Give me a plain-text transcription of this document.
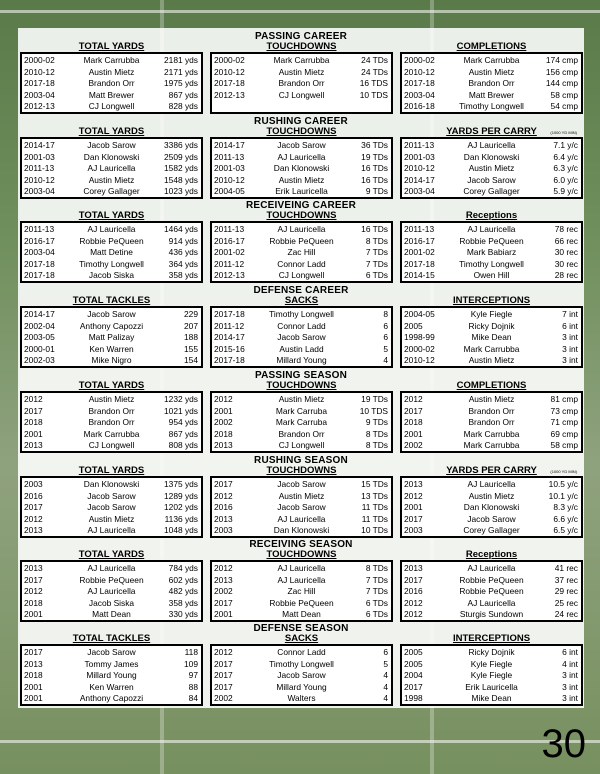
PASSING CAREER
TOTAL YARDS
2000-02	Mark Carrubba	2181 yds
2010-12	Austin Mietz	2171 yds
2017-18	Brandon Orr	1975 yds
2003-04	Matt Brewer	867 yds
2012-13	CJ Longwell	828 yds
TOUCHDOWNS
2000-02	Mark Carrubba	24 TDs
2010-12	Austin Mietz	24 TDs
2017-18	Brandon Orr	16 TDS
2012-13	CJ Longwell	10 TDS
COMPLETIONS
2000-02	Mark Carrubba	174 cmp
2010-12	Austin Mietz	156 cmp
2017-18	Brandon Orr	144 cmp
2003-04	Matt Brewer	58 cmp
2016-18	Timothy Longwell	54 cmp
RUSHING CAREER
TOTAL YARDS
2014-17	Jacob Sarow	3386 yds
2001-03	Dan Klonowski	2509 yds
2011-13	AJ Lauricella	1582 yds
2010-12	Austin Mietz	1548 yds
2003-04	Corey Gallager	1023 yds
TOUCHDOWNS
2014-17	Jacob Sarow	36 TDs
2011-13	AJ Lauricella	19 TDs
2001-03	Dan Klonowski	16 TDs
2010-12	Austin Mietz	16 TDs
2004-05	Erik Lauricella	9 TDs
YARDS PER CARRY	(1000 YD MIN)
2011-13	AJ Lauricella	7.1 y/c
2001-03	Dan Klonowski	6.4 y/c
2010-12	Austin Mietz	6.3 y/c
2014-17	Jacob Sarow	6.0 y/c
2003-04	Corey Gallager	5.9 y/c
RECEIVEING CAREER
TOTAL YARDS
2011-13	AJ Lauricella	1464 yds
2016-17	Robbie PeQueen	914 yds
2003-04	Matt Detine	436 yds
2017-18	Timothy Longwell	364 yds
2017-18	Jacob Siska	358 yds
TOUCHDOWNS
2011-13	AJ Lauricella	16 TDs
2016-17	Robbie PeQueen	8 TDs
2001-02	Zac Hill	7 TDs
2011-12	Connor Ladd	7 TDs
2012-13	CJ Longwell	6 TDs
Receptions
2011-13	AJ Lauricella	78 rec
2016-17	Robbie PeQueen	66 rec
2001-02	Mark Babiarz	30 rec
2017-18	Timothy Longwell	30 rec
2014-15	Owen Hill	28 rec
DEFENSE CAREER
TOTAL TACKLES
2014-17	Jacob Sarow	229
2002-04	Anthony Capozzi	207
2003-05	Matt Palizay	188
2000-01	Ken Warren	155
2002-03	Mike Nigro	154
SACKS
2017-18	Timothy Longwell	8
2011-12	Connor Ladd	6
2014-17	Jacob Sarow	6
2015-16	Austin Ladd	5
2017-18	Millard Young	4
INTERCEPTIONS
2004-05	Kyle Fiegle	7 int
2005	Ricky Dojnik	6 int
1998-99	Mike Dean	3 int
2000-02	Mark Carrubba	3 int
2010-12	Austin Mietz	3 int
PASSING SEASON
TOTAL YARDS
2012	Austin Mietz	1232 yds
2017	Brandon Orr	1021 yds
2018	Brandon Orr	954 yds
2001	Mark Carrubba	867 yds
2013	CJ Longwell	808 yds
TOUCHDOWNS
2012	Austin Mietz	19 TDs
2001	Mark Carruba	10 TDS
2002	Mark Carruba	9 TDs
2018	Brandon Orr	8 TDs
2013	CJ Longwell	8 TDs
COMPLETIONS
2012	Austin Mietz	81 cmp
2017	Brandon Orr	73 cmp
2018	Brandon Orr	71 cmp
2001	Mark Carrubba	69 cmp
2002	Mark Carrubba	58 cmp
RUSHING SEASON
TOTAL YARDS
2003	Dan Klonowski	1375 yds
2016	Jacob Sarow	1289 yds
2017	Jacob Sarow	1202 yds
2012	Austin Mietz	1136 yds
2013	AJ Lauricella	1048 yds
TOUCHDOWNS
2017	Jacob Sarow	15 TDs
2012	Austin Mietz	13 TDs
2016	Jacob Sarow	11 TDs
2013	AJ Lauricella	11 TDs
2003	Dan Klonowski	10 TDs
YARDS PER CARRY	(1000 YD MIN)
2013	AJ Lauricella	10.5 y/c
2012	Austin Mietz	10.1 y/c
2001	Dan Klonowski	8.3 y/c
2017	Jacob Sarow	6.6 y/c
2003	Corey Gallager	6.5 y/c
RECEIVING SEASON
TOTAL YARDS
2013	AJ Lauricella	784 yds
2017	Robbie PeQueen	602 yds
2012	AJ Lauricella	482 yds
2018	Jacob Siska	358 yds
2001	Matt Dean	330 yds
TOUCHDOWNS
2012	AJ Lauricella	8 TDs
2013	AJ Lauricella	7 TDs
2002	Zac Hill	7 TDs
2017	Robbie PeQueen	6 TDs
2001	Matt Dean	6 TDs
Receptions
2013	AJ Lauricella	41 rec
2017	Robbie PeQueen	37 rec
2016	Robbie PeQueen	29 rec
2012	AJ Lauricella	25 rec
2012	Sturgis Sundown	24 rec
DEFENSE SEASON
TOTAL TACKLES
2017	Jacob Sarow	118
2013	Tommy James	109
2018	Millard Young	97
2001	Ken Warren	88
2001	Anthony Capozzi	84
SACKS
2012	Connor Ladd	6
2017	Timothy Longwell	5
2017	Jacob Sarow	4
2017	Millard Young	4
2002	Walters	4
INTERCEPTIONS
2005	Ricky Dojnik	6 int
2005	Kyle Fiegle	4 int
2004	Kyle Fiegle	3 int
2017	Erik Lauricella	3 int
1998	Mike Dean	3 int
30
